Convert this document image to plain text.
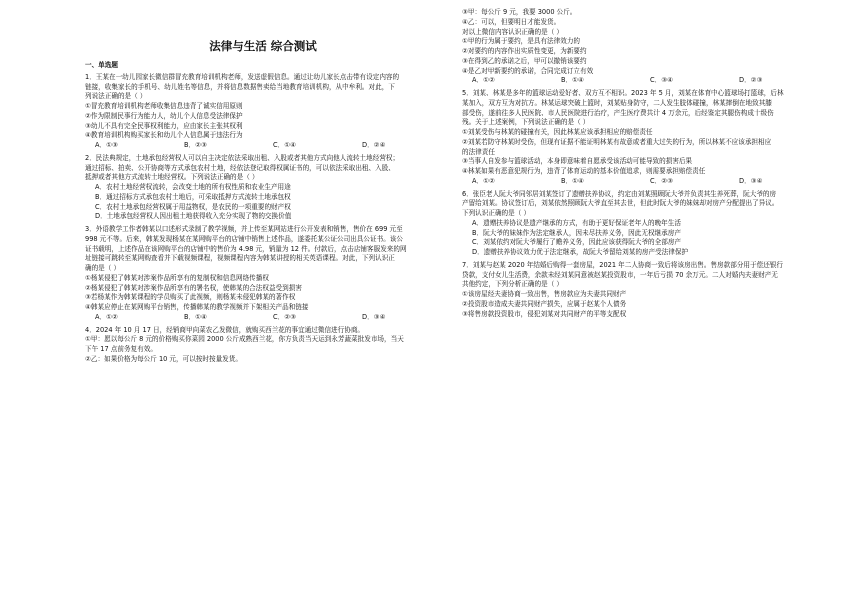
法律与生活 综合测试
一、单选题

1．王某在一幼儿园家长微信群冒充教育培训机构老师，发送虚假信息。通过让幼儿家长点击带有设定内容的

链接，收集家长的手机号、幼儿姓名等信息，并将信息数据售卖给当地教育培训机构，从中牟利。对此，下

列说法正确的是（ ）

①冒充教育培训机构老师收集信息违背了诚实信用原则

②作为限制民事行为能力人，幼儿个人信息受法律保护

③幼儿不具有完全民事权利能力，应由家长主张其权利

④教育培训机构购买家长和幼儿个人信息属于违法行为

A．①③	B．②③	C．①④	D．②④

2．民法典规定，土地承包经营权人可以自主决定依法采取出租、入股或者其他方式向他人流转土地经营权；

通过招标、拍卖、公开协商等方式承包农村土地，经依法登记取得权属证书的，可以依法采取出租、入股、

抵押或者其他方式流转土地经营权。下列说法正确的是（ ）

A．农村土地经营权流转，会改变土地的所有权性质和农业生产用途

B．通过招标方式承包农村土地后，可采取抵押方式流转土地承包权

C．农村土地承包经营权属于用益物权，是农民的一项重要的财产权

D．土地承包经营权人因出租土地获得收入充分实现了物的交换价值

3．外语教学工作者韩某以口述形式录制了教学视频，并上传至某网站进行公开发表和销售，售价在 699 元至

998 元不等。后来，韩某发现杨某在某网购平台的店铺中销售上述作品，遂委托某公证公司出具公证书。该公

证书载明，上述作品在该网购平台的店铺中的售价为 4.98 元，销量为 12 件。付款后，点击店铺客服发来的网

址链接可跳转至某网购查看并下载视频课程，视频课程内容为韩某讲授的相关英语课程。对此，下列认识正

确的是（ ）

①杨某侵犯了韩某对涉案作品所享有的复制权和信息网络传播权

②杨某侵犯了韩某对涉案作品所享有的署名权，使韩某的合法权益受到损害

③若杨某作为韩某课程的学员购买了此视频，则杨某未侵犯韩某的著作权

④韩某应停止在某网购平台销售，传播韩某的教学视频并下架相关产品和链接

A．①②	B．①④	C．②③	D．③④

4．2024 年 10 月 17 日，经销商甲向菜农乙发微信，就购买西兰花的事宜通过微信进行协商。

①甲：愿以每公斤 8 元的价格购买你菜园 2000 公斤成熟西兰花，你方负责当天运到永芳蔬菜批发市场，当天

下午 17 点前务复有效。

②乙：如果价格为每公斤 10 元，可以按时按量发货。

③甲：每公斤 9 元，我要 3000 公斤。

④乙：可以，但要明日才能发货。

对以上微信内容认识正确的是（ ）

①甲的行为属于要约，是具有法律效力的

②对要约的内容作出实质性变更，为新要约

③在得到乙的承诺之后，甲可以撤销该要约

④是乙对甲新要约的承诺，合同完成订立有效

A．①②	B．①④	C．③④	D．②③

5．刘某、林某是多年的篮球运动爱好者、双方互不相识。2023 年 5 月，刘某在体育中心篮球场打篮球，后林

某加入，双方互为对抗方。林某运球突破上篮时，刘某贴身防守，二人发生肢体碰撞，林某摔倒在地致其膝

部受伤，遂前往多人民医院、市人民医院进行治疗，产生医疗费共计 4 万余元，后经鉴定其腿伤构成十级伤

残。关于上述案例，下列说法正确的是（ ）

①刘某受伤与林某的碰撞有关，因此林某应该承担相应的赔偿责任

②刘某若防守林某时受伤，但现有证据不能证明林某有故意或者重大过失的行为，所以林某不应该承担相应

的法律责任

③当事人自发参与篮球活动，本身即意味着自愿承受该活动可能导致的损害后果

④林某如果有恶意犯规行为，违背了体育运动的基本价值追求，则需要承担赔偿责任

A．①②	B．①④	C．②③	D．③④

6．张臣老人阮大爷同邻居刘某签订了遗赠扶养协议，约定由刘某照顾阮大爷并负责其生养死葬，阮大爷的房

产留给刘某。协议签订后，刘某依然照顾阮大爷直至其去世，但此时阮大爷的妹妹却对房产分配提出了异议。

下列认识正确的是（ ）

A．遗赠扶养协议是遗产继承的方式，有助于更好保证老年人的晚年生活

B．阮大爷的妹妹作为法定继承人，因未尽扶养义务，因此无权继承房产

C．刘某依约对阮大爷履行了赡养义务，因此应该获得阮大爷的全部房产

D．遗赠扶养协议效力优于法定继承，故阮大爷留给刘某的房产受法律保护

7．刘某与赵某 2020 年结婚后购得一套房屋，2021 年二人协商一致后将该房出售。售房款部分用于偿还银行

贷款，支付女儿生活费，余款未经刘某同意被赵某投资股市，一年后亏损 70 余万元。二人对婚内夫妻财产无

共他约定，下列分析正确的是（ ）

①该房屋经夫妻协商一致出售，售房款应为夫妻共同财产

②投资股市造成夫妻共同财产损失，应属于赵某个人债务

③将售房款投资股市，侵犯刘某对共同财产的平等支配权
